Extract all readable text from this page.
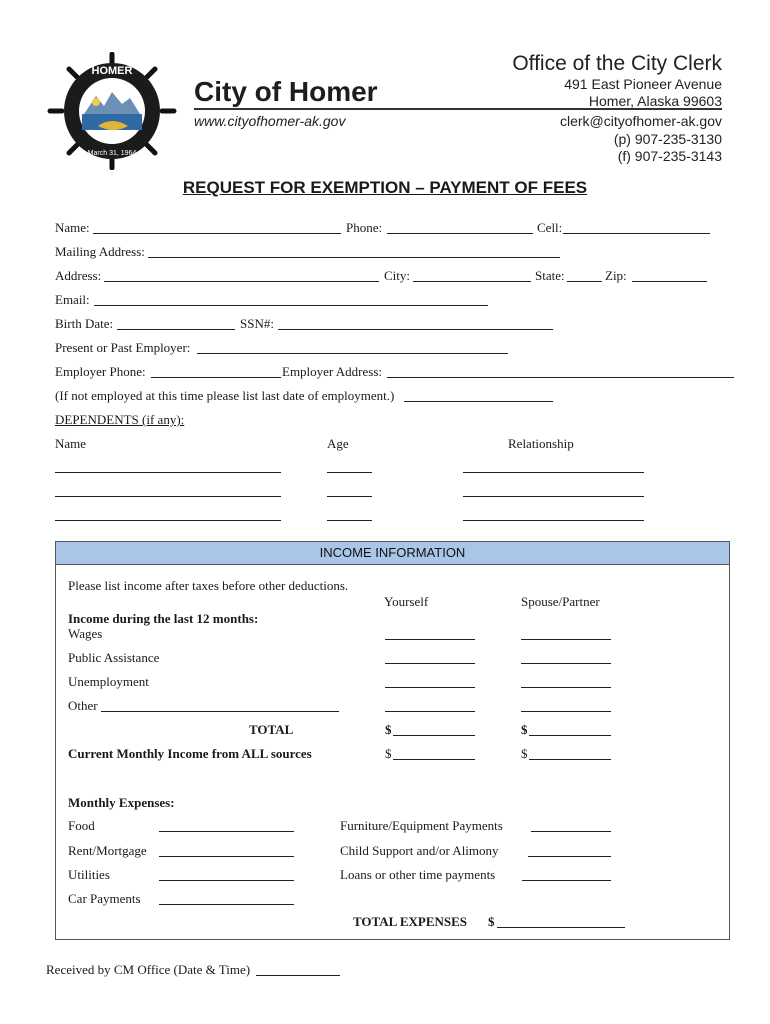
HOMER
March 31, 1964
City of Homer
www.cityofhomer-ak.gov
Office of the City Clerk
491 East Pioneer Avenue
Homer, Alaska 99603
clerk@cityofhomer-ak.gov
(p) 907-235-3130
(f) 907-235-3143
REQUEST FOR EXEMPTION – PAYMENT OF FEES
Name:	Phone:	Cell:
Mailing Address:
Address:	City:	State:	Zip:
Email:
Birth Date:	SSN#:
Present or Past Employer:
Employer Phone:	Employer Address:
(If not employed at this time please list last date of employment.)
DEPENDENTS (if any):
Name	Age	Relationship
INCOME INFORMATION
Please list income after taxes before other deductions.
Yourself	Spouse/Partner
Income during the last 12 months:
Wages
Public Assistance
Unemployment
Other
TOTAL	$	$
Current Monthly Income from ALL sources	$	$
Monthly Expenses:
Food	Furniture/Equipment Payments
Rent/Mortgage	Child Support and/or Alimony
Utilities	Loans or other time payments
Car Payments
TOTAL EXPENSES $
Received by CM Office (Date & Time)
